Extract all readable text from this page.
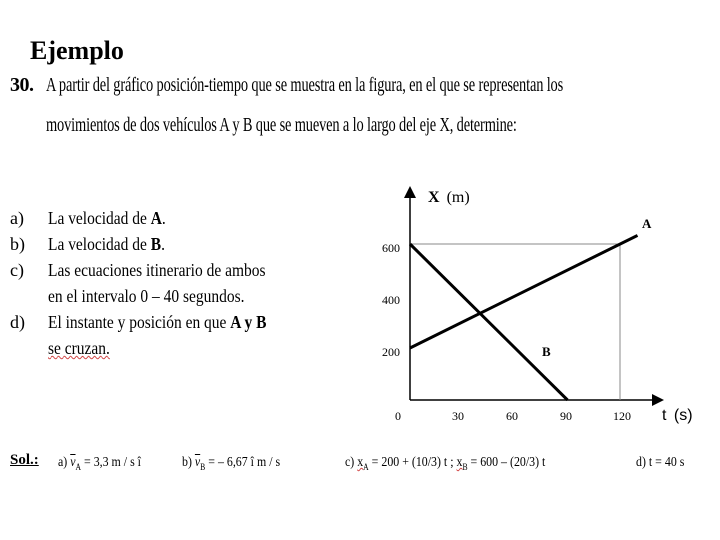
Ejemplo
30. A partir del gráfico posición-tiempo que se muestra en la figura, en el que se representan los
movimientos de dos vehículos A y B que se mueven a lo largo del eje X, determine:
a) La velocidad de A.
b) La velocidad de B.
c) Las ecuaciones itinerario de ambos
en el intervalo 0 – 40 segundos.
d) El instante y posición en que A y B
se cruzan.
600
400
200
0	30	60	90	120
X (m)
t (s)
A
B
Sol.: a) $\overline{v}_A = 3,3$ m / s î	b) $\overline{v}_B$ = – 6,67 î m / s	c) $x_A = 200 + (10/3)$ t ; $x_B = 600 - (20/3)$ t	d) t = 40 s
